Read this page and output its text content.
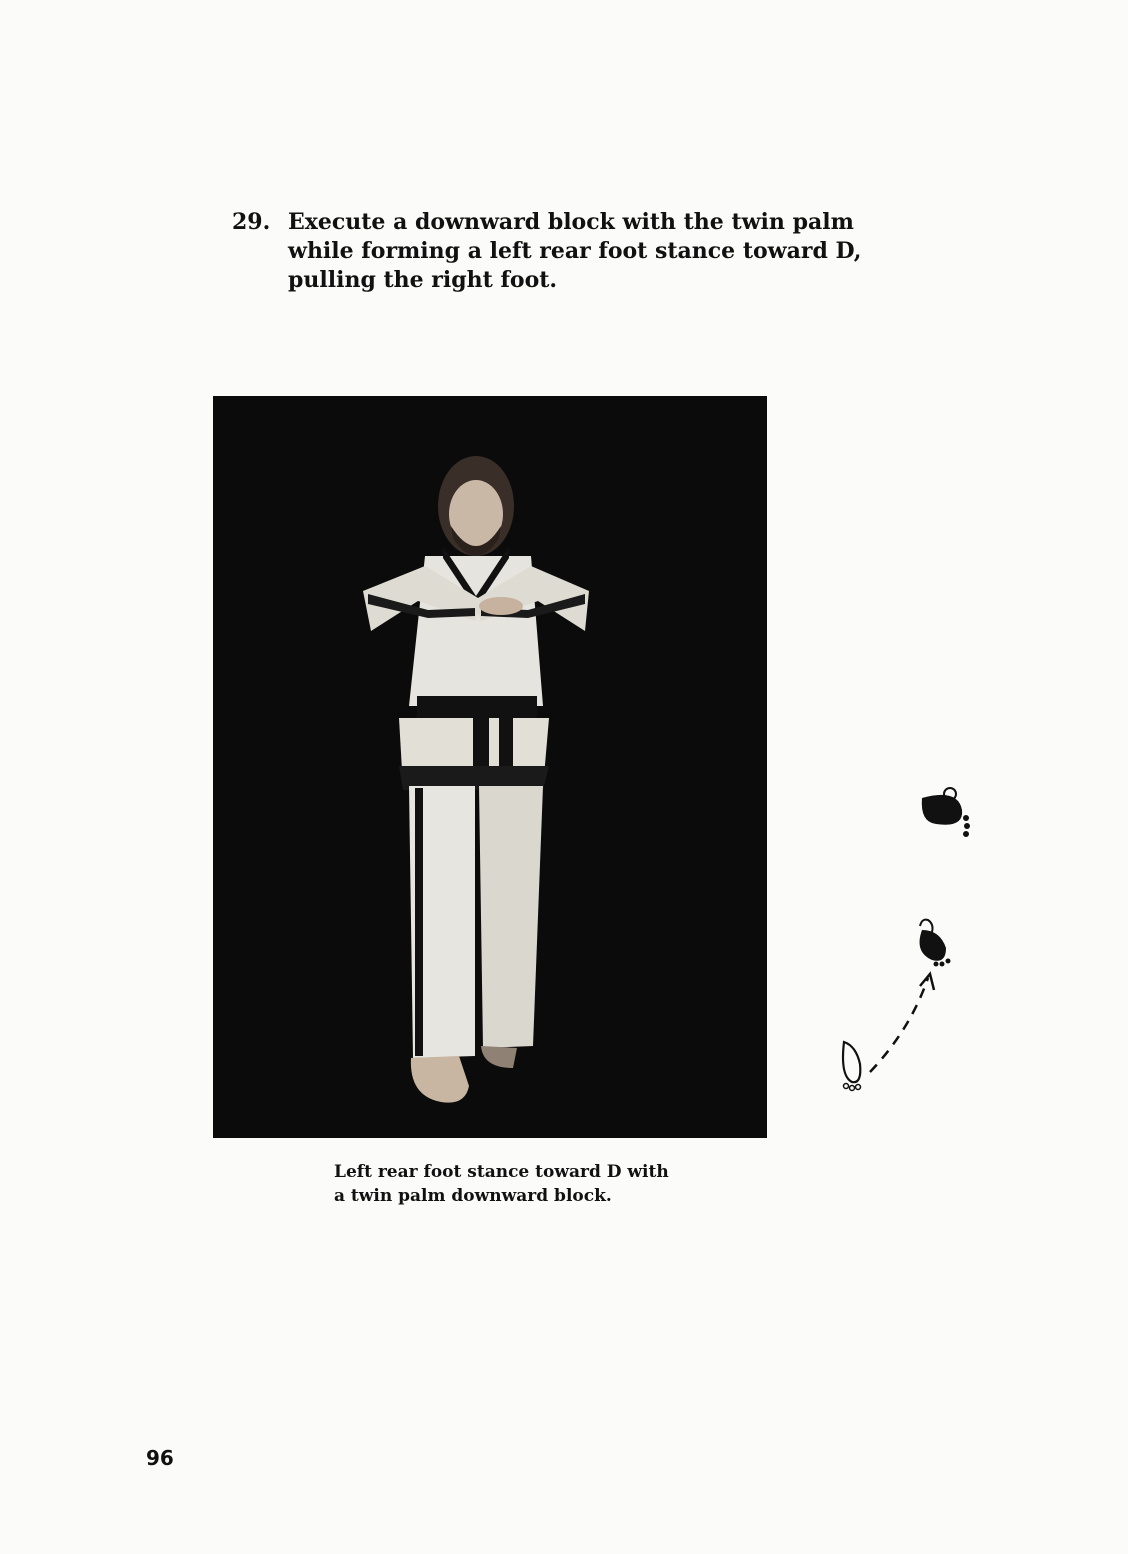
29. Execute a downward block with the twin palm while forming a left rear foot stance toward D, pulling the right foot.
Left rear foot stance toward D with
a twin palm downward block.
96
